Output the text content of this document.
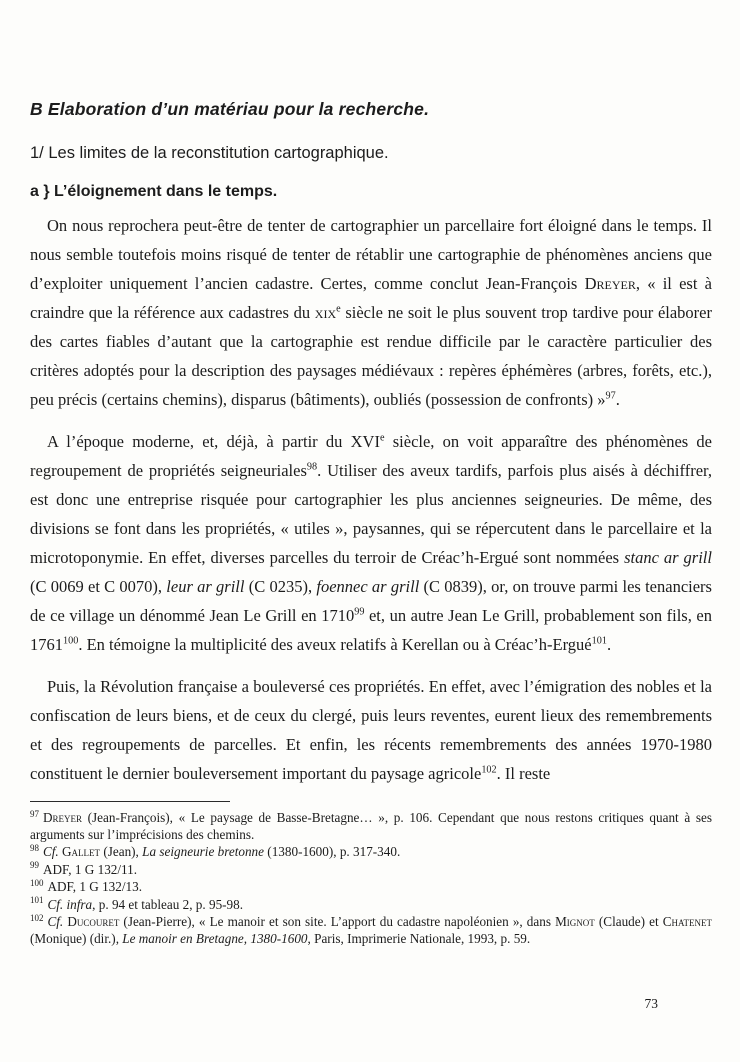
B Elaboration d’un matériau pour la recherche.
1/ Les limites de la reconstitution cartographique.
a } L’éloignement dans le temps.

On nous reprochera peut-être de tenter de cartographier un parcellaire fort éloigné dans le temps. Il nous semble toutefois moins risqué de tenter de rétablir une cartographie de phénomènes anciens que d’exploiter uniquement l’ancien cadastre. Certes, comme conclut Jean-François Dreyer, « il est à craindre que la référence aux cadastres du xix$^e$ siècle ne soit le plus souvent trop tardive pour élaborer des cartes fiables d’autant que la cartographie est rendue difficile par le caractère particulier des critères adoptés pour la description des paysages médiévaux : repères éphémères (arbres, forêts, etc.), peu précis (certains chemins), disparus (bâtiments), oubliés (possession de confronts) »$^{97}$.

A l’époque moderne, et, déjà, à partir du XVIe siècle, on voit apparaître des phénomènes de regroupement de propriétés seigneuriales$^{98}$. Utiliser des aveux tardifs, parfois plus aisés à déchiffrer, est donc une entreprise risquée pour cartographier les plus anciennes seigneuries. De même, des divisions se font dans les propriétés, « utiles », paysannes, qui se répercutent dans le parcellaire et la microtoponymie. En effet, diverses parcelles du terroir de Créac’h-Ergué sont nommées stanc ar grill (C 0069 et C 0070), leur ar grill (C 0235), foennec ar grill (C 0839), or, on trouve parmi les tenanciers de ce village un dénommé Jean Le Grill en 1710$^{99}$ et, un autre Jean Le Grill, probablement son fils, en 1761$^{100}$. En témoigne la multiplicité des aveux relatifs à Kerellan ou à Créac’h-Ergué$^{101}$.

Puis, la Révolution française a bouleversé ces propriétés. En effet, avec l’émigration des nobles et la confiscation de leurs biens, et de ceux du clergé, puis leurs reventes, eurent lieux des remembrements et des regroupements de parcelles. Et enfin, les récents remembrements des années 1970-1980 constituent le dernier bouleversement important du paysage agricole$^{102}$. Il reste

$^{97}$ Dreyer (Jean-François), « Le paysage de Basse-Bretagne… », p. 106. Cependant que nous restons critiques quant à ses arguments sur l’imprécisions des chemins.
$^{98}$ Cf. Gallet (Jean), La seigneurie bretonne (1380-1600), p. 317-340.
$^{99}$ ADF, 1 G 132/11.
$^{100}$ ADF, 1 G 132/13.
$^{101}$ Cf. infra, p. 94 et tableau 2, p. 95-98.
$^{102}$ Cf. Ducouret (Jean-Pierre), « Le manoir et son site. L’apport du cadastre napoléonien », dans Mignot (Claude) et Chatenet (Monique) (dir.), Le manoir en Bretagne, 1380-1600, Paris, Imprimerie Nationale, 1993, p. 59.
73
